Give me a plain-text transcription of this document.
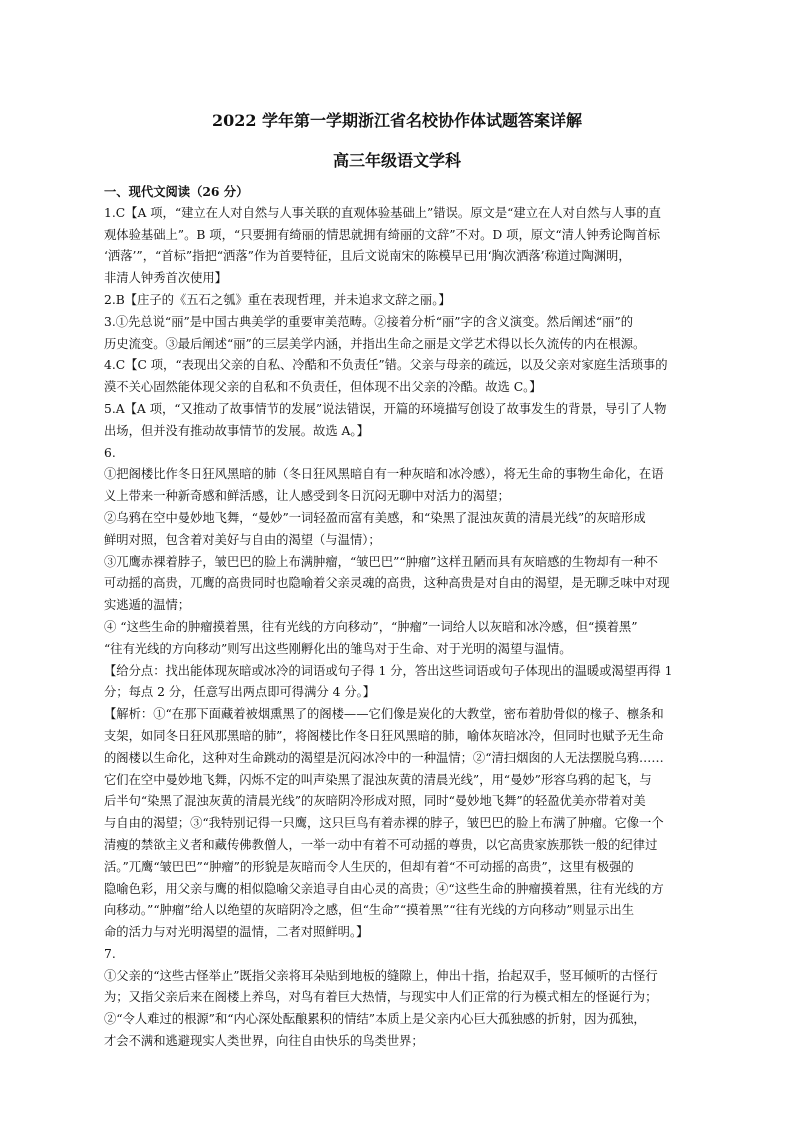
2022 学年第一学期浙江省名校协作体试题答案详解
高三年级语文学科
一、现代文阅读（26 分）
1.C【A 项，“建立在人对自然与人事关联的直观体验基础上”错误。原文是“建立在人对自然与人事的直
观体验基础上”。B 项，“只要拥有绮丽的情思就拥有绮丽的文辞”不对。D 项，原文“清人钟秀论陶首标
‘洒落’”，“首标”指把“洒落”作为首要特征，且后文说南宋的陈模早已用‘胸次洒落’称道过陶渊明，
非清人钟秀首次使用】
2.B【庄子的《五石之瓠》重在表现哲理，并未追求文辞之丽。】
3.①先总说“丽”是中国古典美学的重要审美范畴。②接着分析“丽”字的含义演变。然后阐述“丽”的
历史流变。③最后阐述“丽”的三层美学内涵，并指出生命之丽是文学艺术得以长久流传的内在根源。
4.C【C 项，“表现出父亲的自私、冷酷和不负责任”错。父亲与母亲的疏远，以及父亲对家庭生活琐事的
漠不关心固然能体现父亲的自私和不负责任，但体现不出父亲的冷酷。故选 C。】
5.A【A 项，“又推动了故事情节的发展”说法错误，开篇的环境描写创设了故事发生的背景，导引了人物
出场，但并没有推动故事情节的发展。故选 A。】
6.
①把阁楼比作冬日狂风黑暗的肺（冬日狂风黑暗自有一种灰暗和冰冷感），将无生命的事物生命化，在语
义上带来一种新奇感和鲜活感，让人感受到冬日沉闷无聊中对活力的渴望；
②乌鸦在空中曼妙地飞舞，“曼妙”一词轻盈而富有美感，和“染黑了混浊灰黄的清晨光线”的灰暗形成
鲜明对照，包含着对美好与自由的渴望（与温情）；
③兀鹰赤裸着脖子，皱巴巴的脸上布满肿瘤，“皱巴巴”“肿瘤”这样丑陋而具有灰暗感的生物却有一种不
可动摇的高贵，兀鹰的高贵同时也隐喻着父亲灵魂的高贵，这种高贵是对自由的渴望，是无聊乏味中对现
实逃遁的温情；
④ “这些生命的肿瘤摸着黑，往有光线的方向移动”，“肿瘤”一词给人以灰暗和冰冷感，但“摸着黑”
“往有光线的方向移动”则写出这些刚孵化出的雏鸟对于生命、对于光明的渴望与温情。
【给分点：找出能体现灰暗或冰冷的词语或句子得 1 分，答出这些词语或句子体现出的温暖或渴望再得 1
分；每点 2 分，任意写出两点即可得满分 4 分。】
【解析：①“在那下面藏着被烟熏黑了的阁楼——它们像是炭化的大教堂，密布着肋骨似的椽子、檩条和
支架，如同冬日狂风那黑暗的肺”，将阁楼比作冬日狂风黑暗的肺，喻体灰暗冰冷，但同时也赋予无生命
的阁楼以生命化，这种对生命跳动的渴望是沉闷冰冷中的一种温情；②“清扫烟囱的人无法摆脱乌鸦……
它们在空中曼妙地飞舞，闪烁不定的叫声染黑了混浊灰黄的清晨光线”，用“曼妙”形容乌鸦的起飞，与
后半句“染黑了混浊灰黄的清晨光线”的灰暗阴冷形成对照，同时“曼妙地飞舞”的轻盈优美亦带着对美
与自由的渴望；③“我特别记得一只鹰，这只巨鸟有着赤裸的脖子，皱巴巴的脸上布满了肿瘤。它像一个
清瘦的禁欲主义者和藏传佛教僧人，一举一动中有着不可动摇的尊贵，以它高贵家族那铁一般的纪律过
活。”兀鹰“皱巴巴”“肿瘤”的形貌是灰暗而令人生厌的，但却有着“不可动摇的高贵”，这里有极强的
隐喻色彩，用父亲与鹰的相似隐喻父亲追寻自由心灵的高贵；④“这些生命的肿瘤摸着黑，往有光线的方
向移动。”“肿瘤”给人以绝望的灰暗阴冷之感，但“生命”“摸着黑”“往有光线的方向移动”则显示出生
命的活力与对光明渴望的温情，二者对照鲜明。】
7.
①父亲的“这些古怪举止”既指父亲将耳朵贴到地板的缝隙上，伸出十指，抬起双手，竖耳倾听的古怪行
为；又指父亲后来在阁楼上养鸟，对鸟有着巨大热情，与现实中人们正常的行为模式相左的怪诞行为；
②“令人难过的根源”和“内心深处酝酿累积的情结”本质上是父亲内心巨大孤独感的折射，因为孤独，
才会不满和逃避现实人类世界，向往自由快乐的鸟类世界；
